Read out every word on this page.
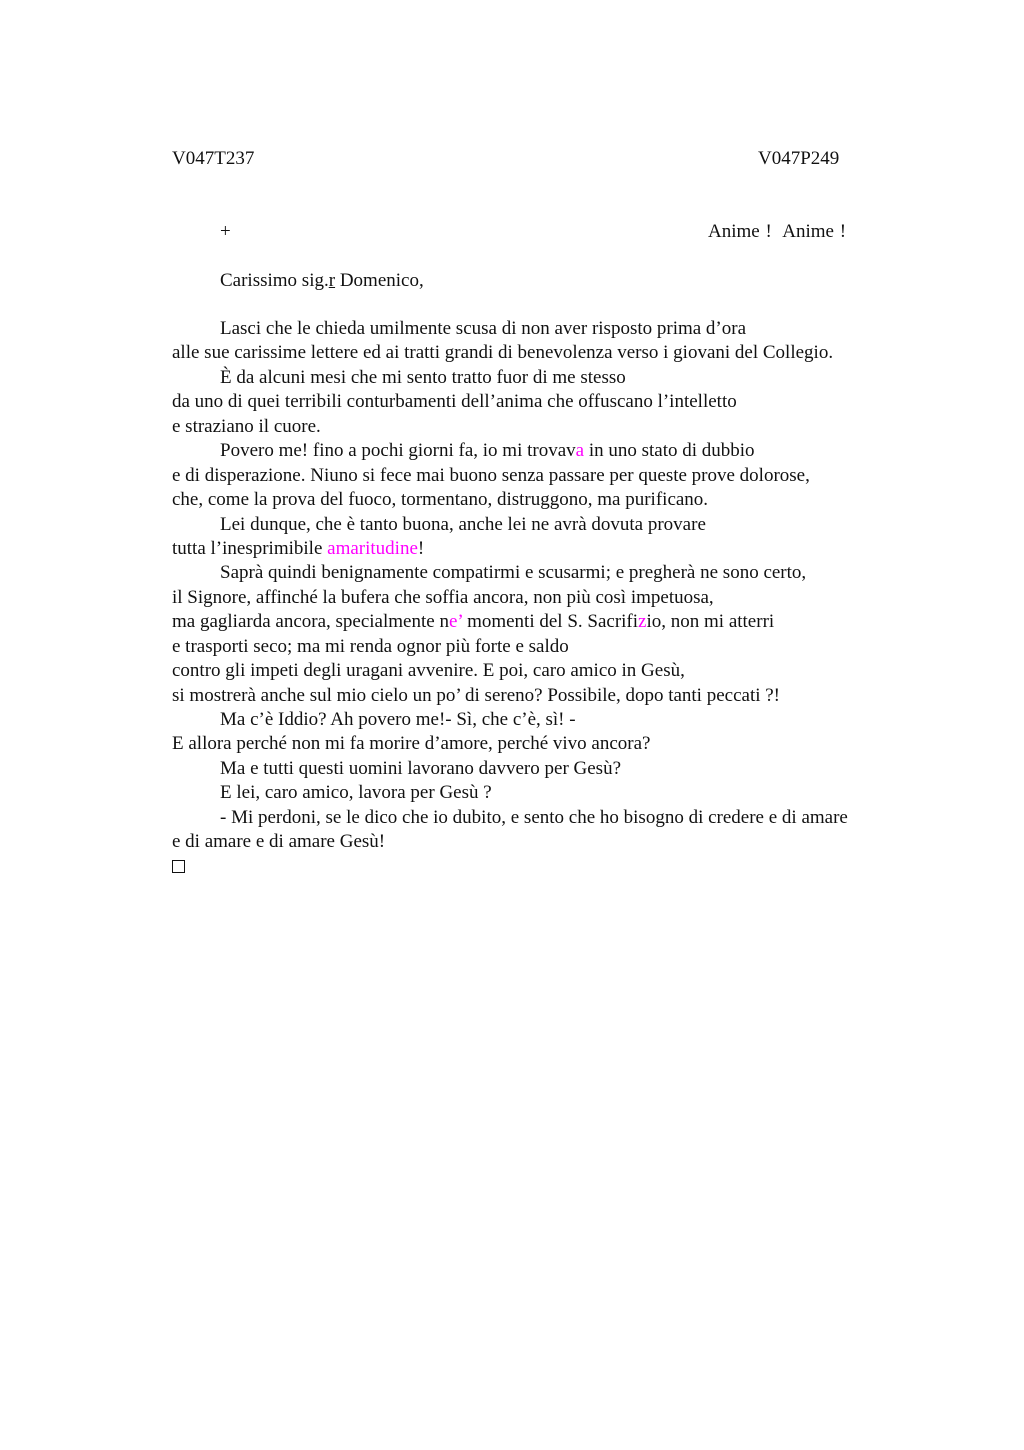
V047T237	V047P249
+	Anime !  Anime !
Carissimo sig.r Domenico,
Lasci che le chieda umilmente scusa di non aver risposto prima d’ora
alle sue carissime lettere ed ai tratti grandi di benevolenza verso i giovani del Collegio.
È da alcuni mesi che mi sento tratto fuor di me stesso
da uno di quei terribili conturbamenti dell’anima che offuscano l’intelletto
e straziano il cuore.
Povero me! fino a pochi giorni fa, io mi trovava in uno stato di dubbio
e di disperazione. Niuno si fece mai buono senza passare per queste prove dolorose,
che, come la prova del fuoco, tormentano, distruggono, ma purificano.
Lei dunque, che è tanto buona, anche lei ne avrà dovuta provare
tutta l’inesprimibile amaritudine!
Saprà quindi benignamente compatirmi e scusarmi; e pregherà ne sono certo,
il Signore, affinché la bufera che soffia ancora, non più così impetuosa,
ma gagliarda ancora, specialmente ne’ momenti del S. Sacrifizio, non mi atterri
e trasporti seco; ma mi renda ognor più forte e saldo
contro gli impeti degli uragani avvenire. E poi, caro amico in Gesù,
si mostrerà anche sul mio cielo un po’ di sereno? Possibile, dopo tanti peccati ?!
Ma c’è Iddio? Ah povero me!- Sì, che c’è, sì! -
E allora perché non mi fa morire d’amore, perché vivo ancora?
Ma e tutti questi uomini lavorano davvero per Gesù?
E lei, caro amico, lavora per Gesù ?
- Mi perdoni, se le dico che io dubito, e sento che ho bisogno di credere e di amare
e di amare e di amare Gesù!
